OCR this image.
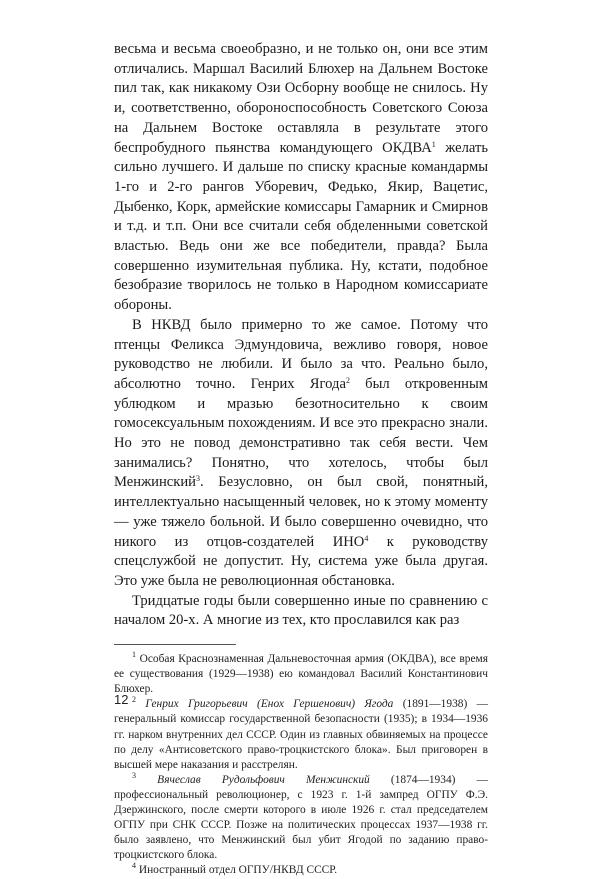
весьма и весьма своеобразно, и не только он, они все этим отличались. Маршал Василий Блюхер на Дальнем Востоке пил так, как никакому Ози Осборну вообще не снилось. Ну и, соответственно, обороноспособность Советского Союза на Дальнем Востоке оставляла в результате этого беспробудного пьянства командующего ОКДВА$^1$ желать сильно лучшего. И дальше по списку красные командармы 1-го и 2-го рангов Уборевич, Федько, Якир, Вацетис, Дыбенко, Корк, армейские комиссары Гамарник и Смирнов и т.д. и т.п. Они все считали себя обделенными советской властью. Ведь они же все победители, правда? Была совершенно изумительная публика. Ну, кстати, подобное безобразие творилось не только в Народном комиссариате обороны.

В НКВД было примерно то же самое. Потому что птенцы Феликса Эдмундовича, вежливо говоря, новое руководство не любили. И было за что. Реально было, абсолютно точно. Генрих Ягода$^2$ был откровенным ублюдком и мразью безотносительно к своим гомосексуальным похождениям. И все это прекрасно знали. Но это не повод демонстративно так себя вести. Чем занимались? Понятно, что хотелось, чтобы был Менжинский$^3$. Безусловно, он был свой, понятный, интеллектуально насыщенный человек, но к этому моменту — уже тяжело больной. И было совершенно очевидно, что никого из отцов-создателей ИНО$^4$ к руководству спецслужбой не допустит. Ну, система уже была другая. Это уже была не революционная обстановка.

Тридцатые годы были совершенно иные по сравнению с началом 20-х. А многие из тех, кто прославился как раз

$^1$ Особая Краснознаменная Дальневосточная армия (ОКДВА), все время ее существования (1929—1938) ею командовал Василий Константинович Блюхер.

$^2$ Генрих Григорьевич (Енох Гершенович) Ягода (1891—1938) — генеральный комиссар государственной безопасности (1935); в 1934—1936 гг. нарком внутренних дел СССР. Один из главных обвиняемых на процессе по делу «Антисоветского право-троцкистского блока». Был приговорен в высшей мере наказания и расстрелян.

$^3$ Вячеслав Рудольфович Менжинский (1874—1934) — профессиональный революционер, с 1923 г. 1-й зампред ОГПУ Ф.Э. Дзержинского, после смерти которого в июле 1926 г. стал председателем ОГПУ при СНК СССР. Позже на политических процессах 1937—1938 гг. было заявлено, что Менжинский был убит Ягодой по заданию право-троцкистского блока.

$^4$ Иностранный отдел ОГПУ/НКВД СССР.

12
